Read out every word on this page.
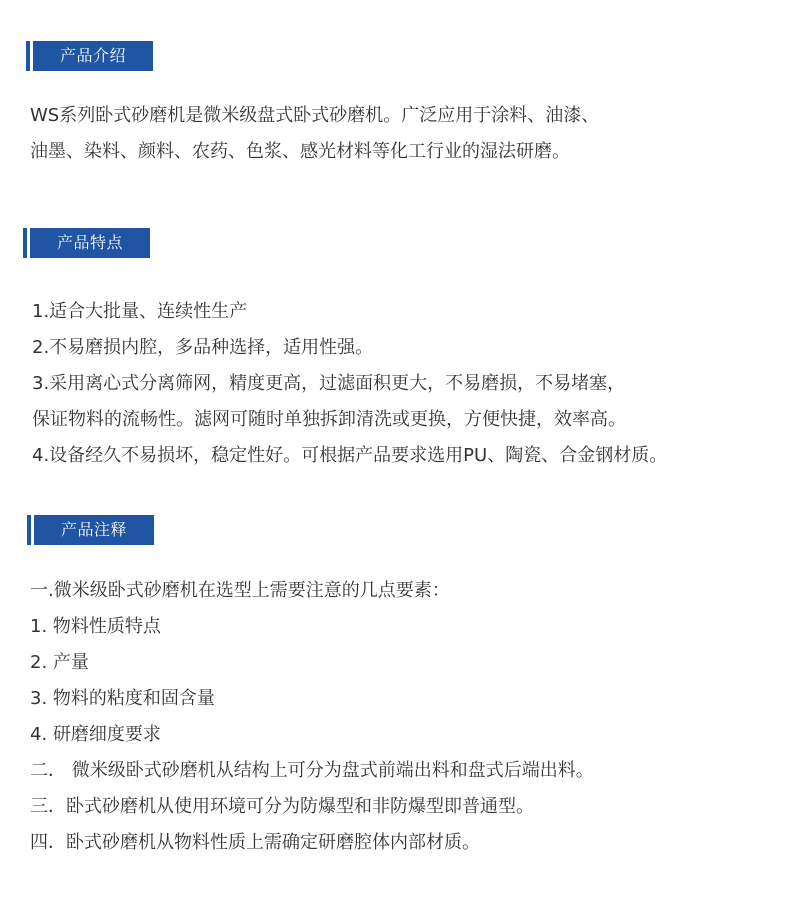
产品介绍

WS系列卧式砂磨机是微米级盘式卧式砂磨机。广泛应用于涂料、油漆、

油墨、染料、颜料、农药、色浆、感光材料等化工行业的湿法研磨。

产品特点

1.适合大批量、连续性生产

2.不易磨损内腔，多品种选择，适用性强。

3.采用离心式分离筛网，精度更高，过滤面积更大，不易磨损，不易堵塞，

保证物料的流畅性。滤网可随时单独拆卸清洗或更换，方便快捷，效率高。

4.设备经久不易损坏，稳定性好。可根据产品要求选用PU、陶瓷、合金钢材质。

产品注释

一.微米级卧式砂磨机在选型上需要注意的几点要素：

1. 物料性质特点

2. 产量

3. 物料的粘度和固含量

4. 研磨细度要求

二． 微米级卧式砂磨机从结构上可分为盘式前端出料和盘式后端出料。

三．卧式砂磨机从使用环境可分为防爆型和非防爆型即普通型。

四．卧式砂磨机从物料性质上需确定研磨腔体内部材质。
